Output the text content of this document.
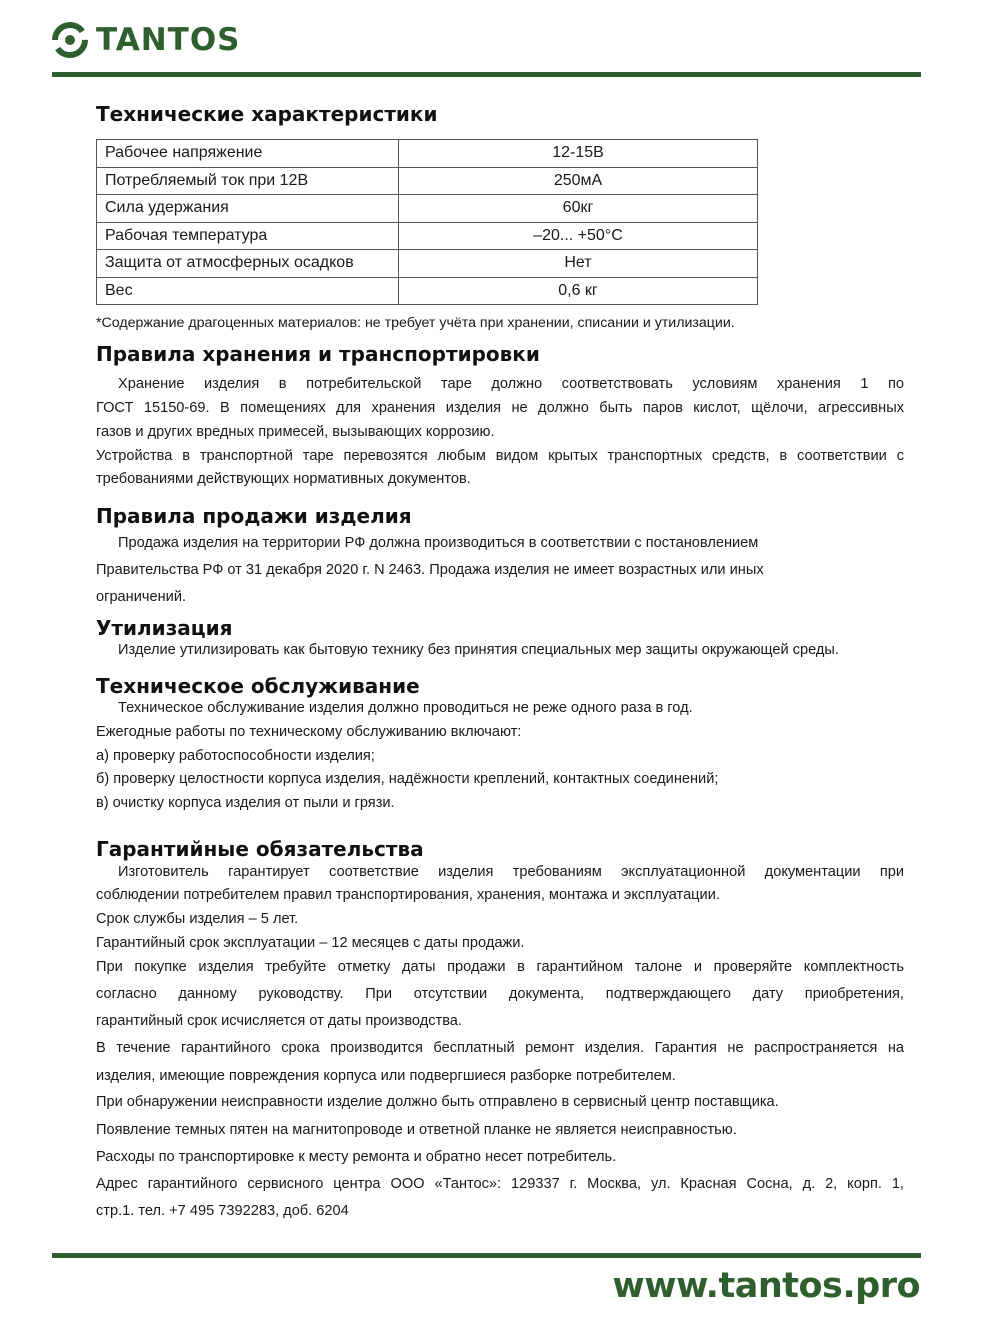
TANTOS
Технические характеристики
Рабочее напряжение	12-15В
Потребляемый ток при 12В	250мА
Сила удержания	60кг
Рабочая температура	–20... +50°С
Защита от атмосферных осадков	Нет
Вес	0,6 кг
*Содержание драгоценных материалов: не требует учёта при хранении, списании и утилизации.
Правила хранения и транспортировки
Хранение изделия в потребительской таре должно соответствовать условиям хранения 1 по
ГОСТ 15150-69. В помещениях для хранения изделия не должно быть паров кислот, щёлочи, агрессивных
газов и других вредных примесей, вызывающих коррозию.
Устройства в транспортной таре перевозятся любым видом крытых транспортных средств, в соответствии с
требованиями действующих нормативных документов.
Правила продажи изделия
Продажа изделия на территории РФ должна производиться в соответствии с постановлением
Правительства РФ от 31 декабря 2020 г. N 2463. Продажа изделия не имеет возрастных или иных
ограничений.
Утилизация
Изделие утилизировать как бытовую технику без принятия специальных мер защиты окружающей среды.
Техническое обслуживание
Техническое обслуживание изделия должно проводиться не реже одного раза в год.
Ежегодные работы по техническому обслуживанию включают:
а) проверку работоспособности изделия;
б) проверку целостности корпуса изделия, надёжности креплений, контактных соединений;
в) очистку корпуса изделия от пыли и грязи.
Гарантийные обязательства
Изготовитель гарантирует соответствие изделия требованиям эксплуатационной документации при
соблюдении потребителем правил транспортирования, хранения, монтажа и эксплуатации.
Срок службы изделия – 5 лет.
Гарантийный срок эксплуатации – 12 месяцев с даты продажи.
При покупке изделия требуйте отметку даты продажи в гарантийном талоне и проверяйте комплектность
согласно данному руководству. При отсутствии документа, подтверждающего дату приобретения,
гарантийный срок исчисляется от даты производства.
В течение гарантийного срока производится бесплатный ремонт изделия. Гарантия не распространяется на
изделия, имеющие повреждения корпуса или подвергшиеся разборке потребителем.
При обнаружении неисправности изделие должно быть отправлено в сервисный центр поставщика.
Появление темных пятен на магнитопроводе и ответной планке не является неисправностью.
Расходы по транспортировке к месту ремонта и обратно несет потребитель.
Адрес гарантийного сервисного центра ООО «Тантос»: 129337 г. Москва, ул. Красная Сосна, д. 2, корп. 1,
стр.1. тел. +7 495 7392283, доб. 6204
www.tantos.pro
